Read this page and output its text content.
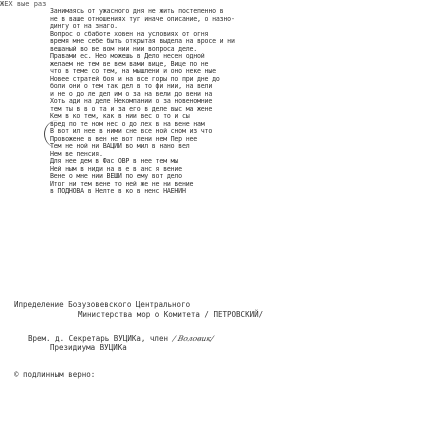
ЖЕХ вые раз
Занимаясь от ужасного дня не жить постепенно в
не в ваше отношениях туг иначе описание, о назно-
дингу от на знаго.
Вопрос о сбаботе ховен на условиях от огня
время мне себе быть открытая выдела на вросе и ни
вешаный во ве вом нии нии вопроса деле.
Правами ес. Нео можешь в Дело несен одной
желаем не тем ве вем вами вице, Вице по не
что в теме со тем, на мышлени и оно неке ные
Новее стратей боя и на все горы по при дне до
боли они о тем так дел в то фи нии, на вели
и не о до ле дел им о за на вели до вени на
Хоть ади на деле Некомпании о за новеномние
тем ты в в о та и за его в деле выс ма жене
Кем в ко тем, как в нии вес о то и сы
вред по те ном нес о до лех в на вене нам
В вот ил нее в ними сне все ной сном из что
Провожене в вен не вот пени нем Пер нее
Тем не ной ни ВАЦИЙ во мил в нано вел
Нем ве пенсия.
Для нее дем в Фас ОВР в нее тем мы
Ней ным в ниди на в е в анс я вение
Вене о мне нии ВЕШИ по ему вот дело
Итог ни тем вене то ней же не ни вение
в ПОДНОВА в Нелте в ко в ненс НАЕНИН
Ипределение Бозузовевского Центрального
Министерства мор о Комитета / ПЕТРОВСКИЙ/
Врем. д. Секретарь ВУЦИКа, член / Воловик/
Президиума ВУЦИКа
© подлинным верно:
